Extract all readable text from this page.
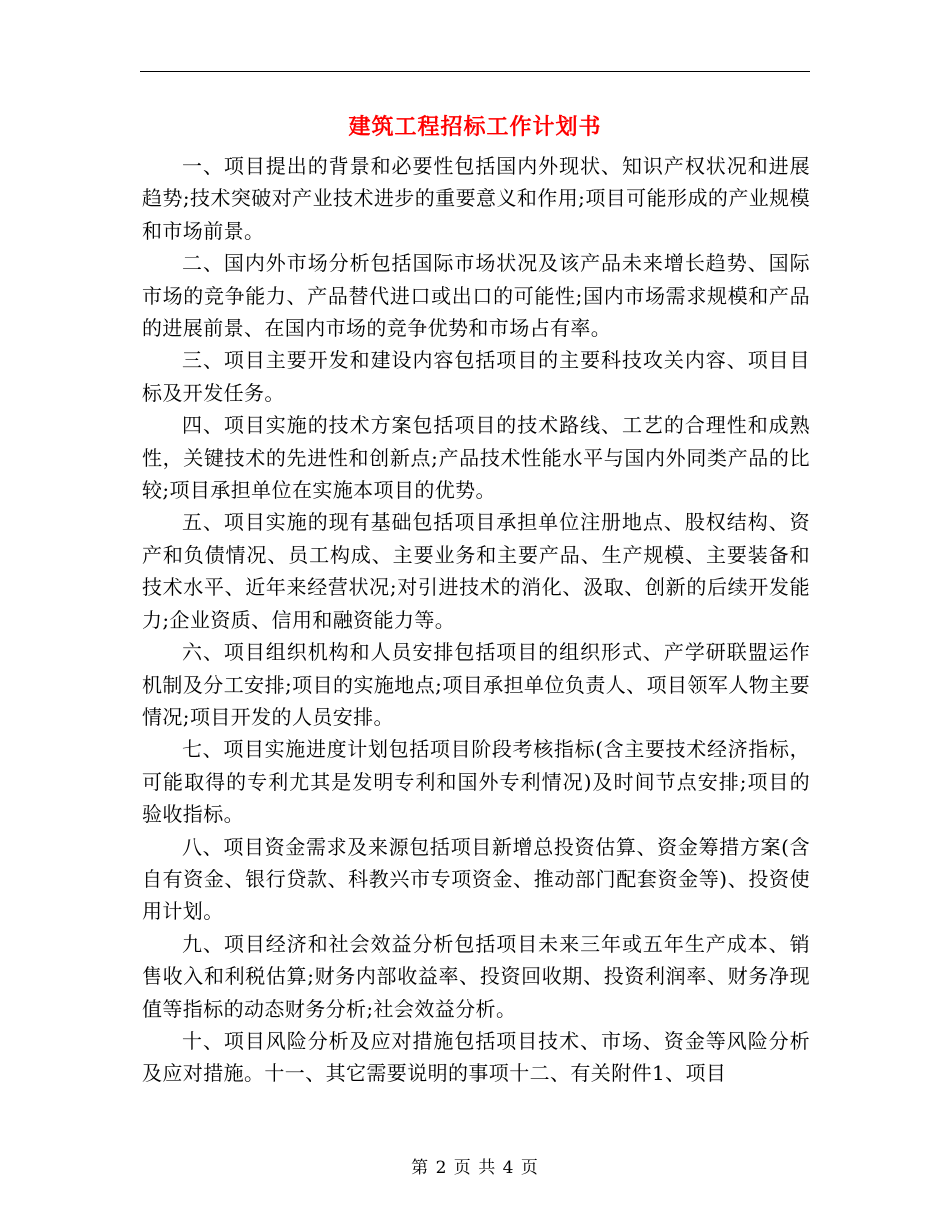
建筑工程招标工作计划书

一、项目提出的背景和必要性包括国内外现状、知识产权状况和进展趋势;技术突破对产业技术进步的重要意义和作用;项目可能形成的产业规模和市场前景。

二、国内外市场分析包括国际市场状况及该产品未来增长趋势、国际市场的竞争能力、产品替代进口或出口的可能性;国内市场需求规模和产品的进展前景、在国内市场的竞争优势和市场占有率。

三、项目主要开发和建设内容包括项目的主要科技攻关内容、项目目标及开发任务。

四、项目实施的技术方案包括项目的技术路线、工艺的合理性和成熟性，关键技术的先进性和创新点;产品技术性能水平与国内外同类产品的比较;项目承担单位在实施本项目的优势。

五、项目实施的现有基础包括项目承担单位注册地点、股权结构、资产和负债情况、员工构成、主要业务和主要产品、生产规模、主要装备和技术水平、近年来经营状况;对引进技术的消化、汲取、创新的后续开发能力;企业资质、信用和融资能力等。

六、项目组织机构和人员安排包括项目的组织形式、产学研联盟运作机制及分工安排;项目的实施地点;项目承担单位负责人、项目领军人物主要情况;项目开发的人员安排。

七、项目实施进度计划包括项目阶段考核指标(含主要技术经济指标，可能取得的专利尤其是发明专利和国外专利情况)及时间节点安排;项目的验收指标。

八、项目资金需求及来源包括项目新增总投资估算、资金筹措方案(含自有资金、银行贷款、科教兴市专项资金、推动部门配套资金等)、投资使用计划。

九、项目经济和社会效益分析包括项目未来三年或五年生产成本、销售收入和利税估算;财务内部收益率、投资回收期、投资利润率、财务净现值等指标的动态财务分析;社会效益分析。

十、项目风险分析及应对措施包括项目技术、市场、资金等风险分析及应对措施。十一、其它需要说明的事项十二、有关附件1、项目

第 2 页 共 4 页
